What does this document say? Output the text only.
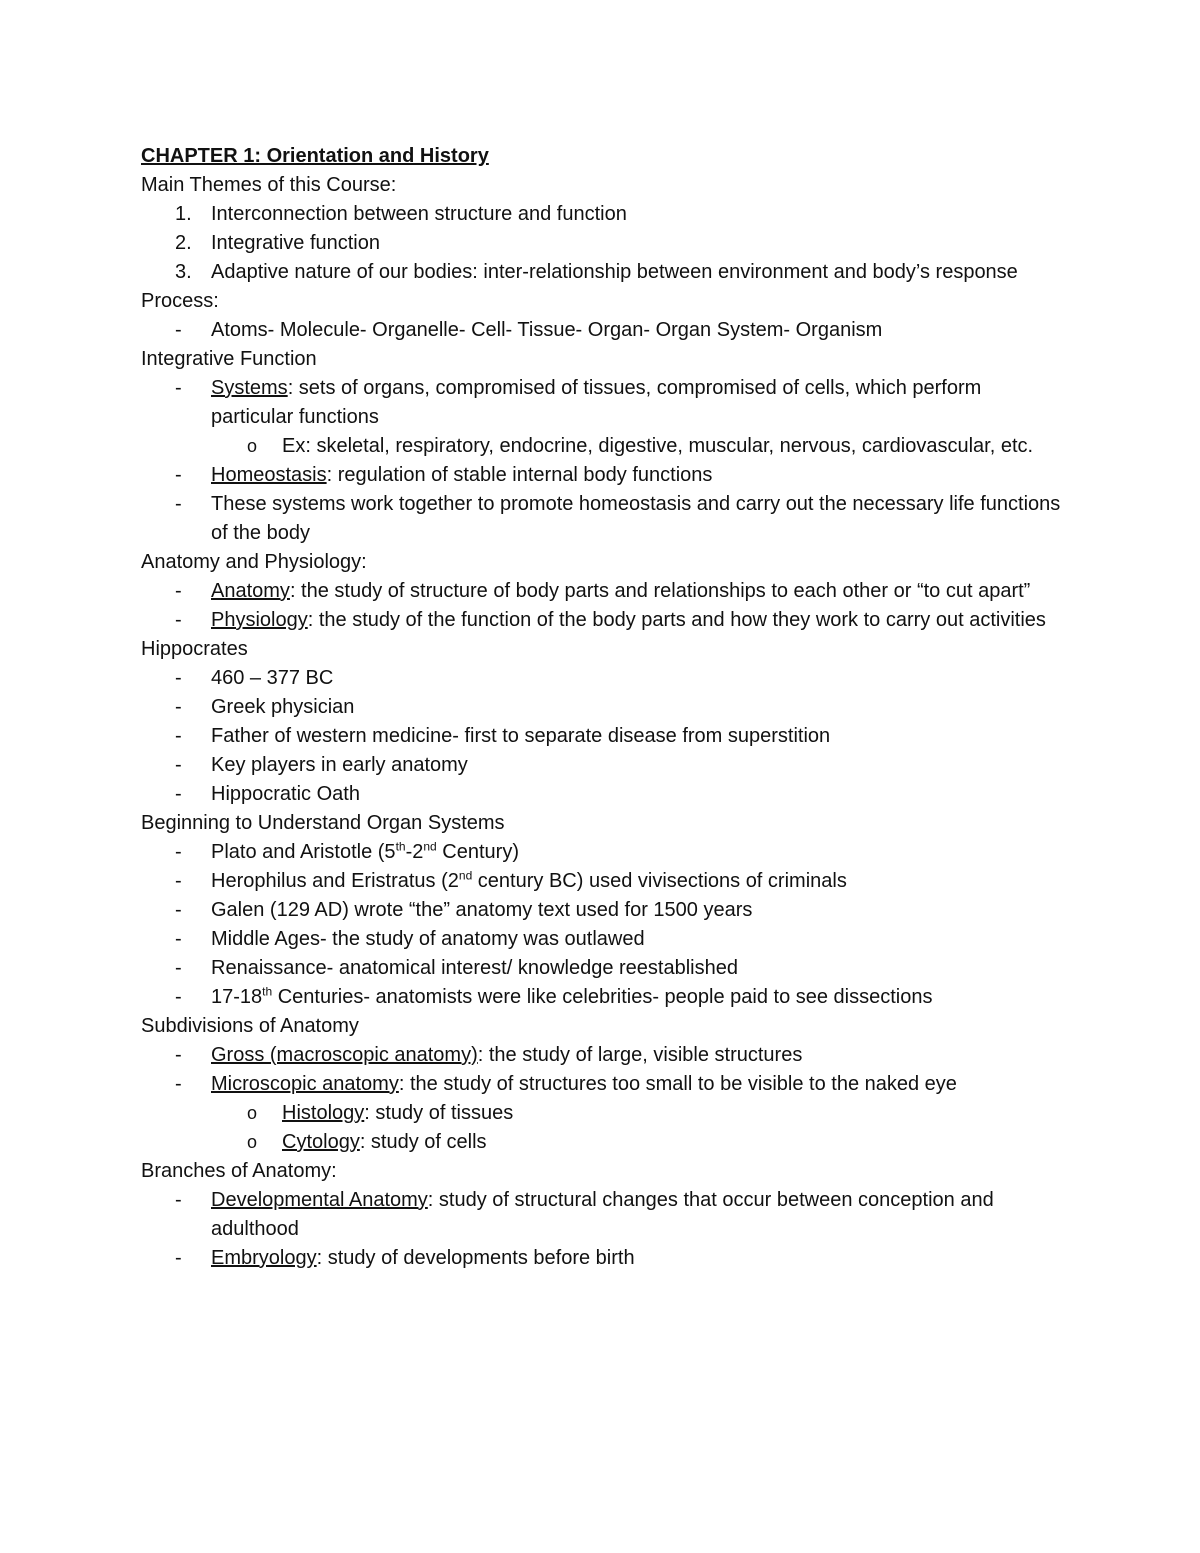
CHAPTER 1: Orientation and History

Main Themes of this Course:

1. Interconnection between structure and function
2. Integrative function
3. Adaptive nature of our bodies: inter-relationship between environment and body’s response

Process:

- Atoms- Molecule- Organelle- Cell- Tissue- Organ- Organ System- Organism

Integrative Function

- Systems: sets of organs, compromised of tissues, compromised of cells, which perform particular functions
o Ex: skeletal, respiratory, endocrine, digestive, muscular, nervous, cardiovascular, etc.
- Homeostasis: regulation of stable internal body functions
- These systems work together to promote homeostasis and carry out the necessary life functions of the body

Anatomy and Physiology:

- Anatomy: the study of structure of body parts and relationships to each other or “to cut apart”
- Physiology: the study of the function of the body parts and how they work to carry out activities

Hippocrates

- 460 – 377 BC
- Greek physician
- Father of western medicine- first to separate disease from superstition
- Key players in early anatomy
- Hippocratic Oath

Beginning to Understand Organ Systems

- Plato and Aristotle (5th-2nd Century)
- Herophilus and Eristratus (2nd century BC) used vivisections of criminals
- Galen (129 AD) wrote “the” anatomy text used for 1500 years
- Middle Ages- the study of anatomy was outlawed
- Renaissance- anatomical interest/ knowledge reestablished
- 17-18th Centuries- anatomists were like celebrities- people paid to see dissections

Subdivisions of Anatomy

- Gross (macroscopic anatomy): the study of large, visible structures
- Microscopic anatomy: the study of structures too small to be visible to the naked eye
o Histology: study of tissues
o Cytology: study of cells

Branches of Anatomy:

- Developmental Anatomy: study of structural changes that occur between conception and adulthood
- Embryology: study of developments before birth
